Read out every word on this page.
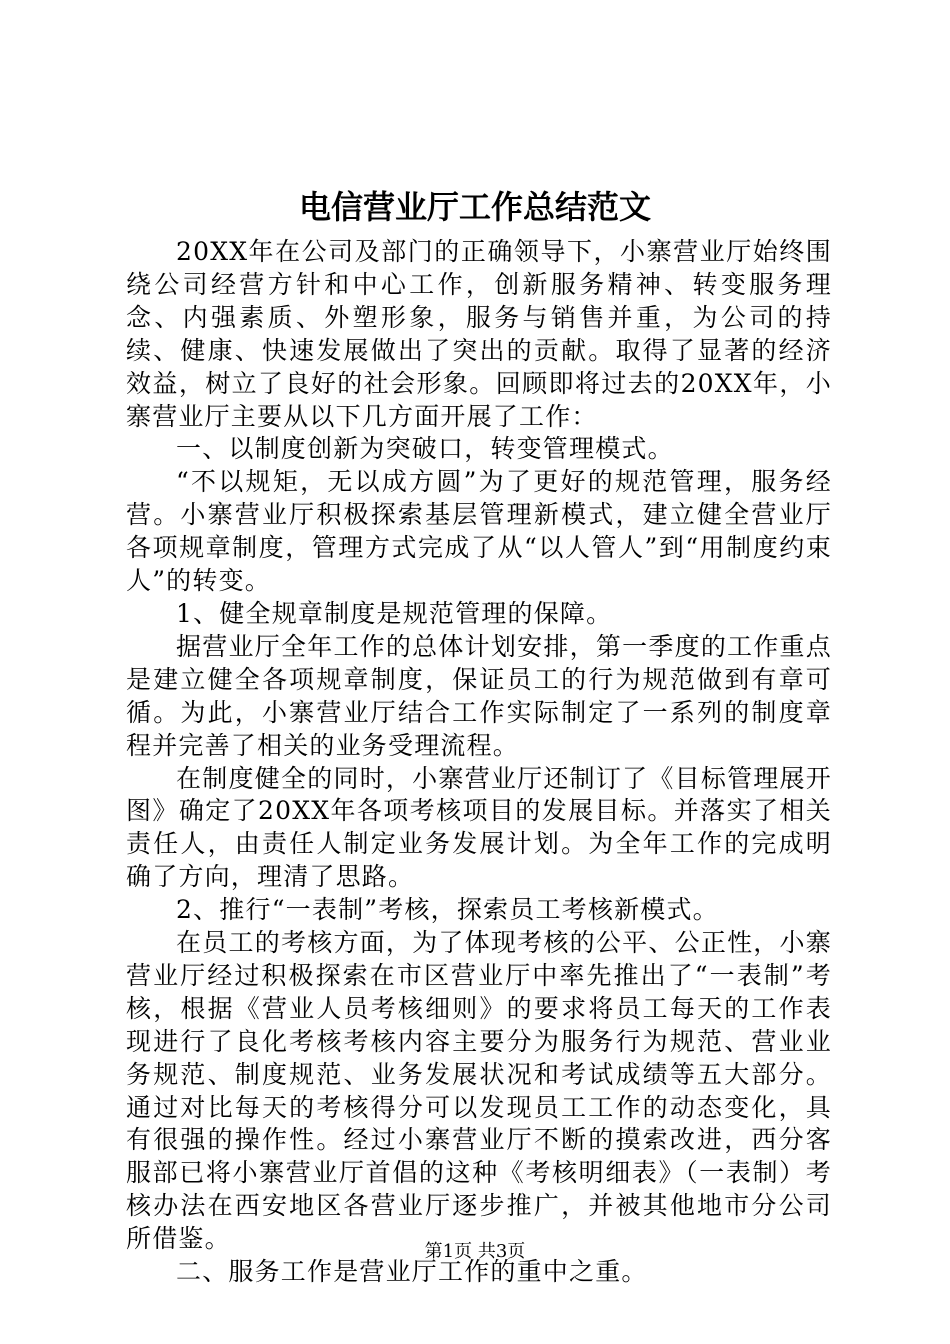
电信营业厅工作总结范文

20XX年在公司及部门的正确领导下，小寨营业厅始终围绕公司经营方针和中心工作，创新服务精神、转变服务理念、内强素质、外塑形象，服务与销售并重，为公司的持续、健康、快速发展做出了突出的贡献。取得了显著的经济效益，树立了良好的社会形象。回顾即将过去的20XX年，小寨营业厅主要从以下几方面开展了工作：

一、以制度创新为突破口，转变管理模式。

“不以规矩，无以成方圆”为了更好的规范管理，服务经营。小寨营业厅积极探索基层管理新模式，建立健全营业厅各项规章制度，管理方式完成了从“以人管人”到“用制度约束人”的转变。

1、健全规章制度是规范管理的保障。

据营业厅全年工作的总体计划安排，第一季度的工作重点是建立健全各项规章制度，保证员工的行为规范做到有章可循。为此，小寨营业厅结合工作实际制定了一系列的制度章程并完善了相关的业务受理流程。

在制度健全的同时，小寨营业厅还制订了《目标管理展开图》确定了20XX年各项考核项目的发展目标。并落实了相关责任人，由责任人制定业务发展计划。为全年工作的完成明确了方向，理清了思路。

2、推行“一表制”考核，探索员工考核新模式。

在员工的考核方面，为了体现考核的公平、公正性，小寨营业厅经过积极探索在市区营业厅中率先推出了“一表制”考核，根据《营业人员考核细则》的要求将员工每天的工作表现进行了良化考核考核内容主要分为服务行为规范、营业业务规范、制度规范、业务发展状况和考试成绩等五大部分。通过对比每天的考核得分可以发现员工工作的动态变化，具有很强的操作性。经过小寨营业厅不断的摸索改进，西分客服部已将小寨营业厅首倡的这种《考核明细表》（一表制）考核办法在西安地区各营业厅逐步推广，并被其他地市分公司所借鉴。

二、服务工作是营业厅工作的重中之重。

第1页 共3页
